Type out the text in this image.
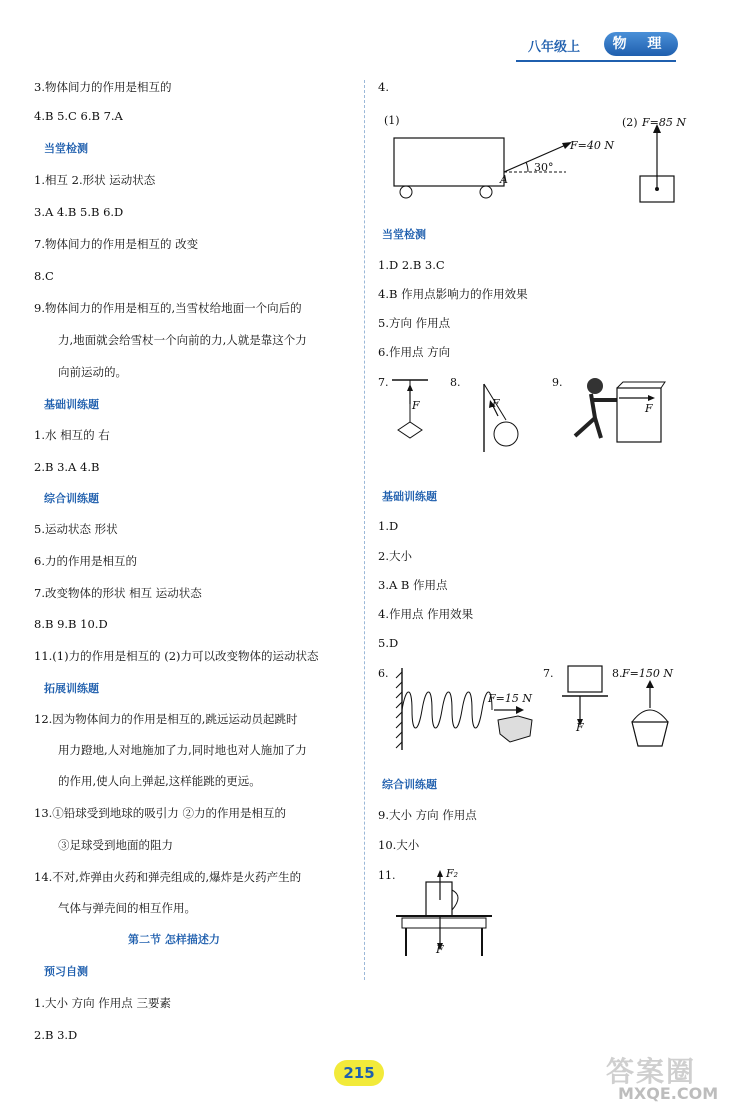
八年级上	物 理
3.物体间力的作用是相互的
4.B 5.C 6.B 7.A
当堂检测
1.相互 2.形状 运动状态
3.A 4.B 5.B 6.D
7.物体间力的作用是相互的 改变
8.C
9.物体间力的作用是相互的,当雪杖给地面一个向后的
力,地面就会给雪杖一个向前的力,人就是靠这个力
向前运动的。
基础训练题
1.水 相互的 右
2.B 3.A 4.B
综合训练题
5.运动状态 形状
6.力的作用是相互的
7.改变物体的形状 相互 运动状态
8.B 9.B 10.D
11.(1)力的作用是相互的 (2)力可以改变物体的运动状态
拓展训练题
12.因为物体间力的作用是相互的,跳远运动员起跳时
用力蹬地,人对地施加了力,同时地也对人施加了力
的作用,使人向上弹起,这样能跳的更远。
13.①铅球受到地球的吸引力 ②力的作用是相互的
③足球受到地面的阻力
14.不对,炸弹由火药和弹壳组成的,爆炸是火药产生的
气体与弹壳间的相互作用。
第二节 怎样描述力
预习自测
1.大小 方向 作用点 三要素
2.B 3.D
4.
(1)
F=40 N
30°
A
(2) F=85 N
当堂检测
1.D 2.B 3.C
4.B 作用点影响力的作用效果
5.方向 作用点
6.作用点 方向
7.
F
8.
F
9.
F
基础训练题
1.D
2.大小
3.A B 作用点
4.作用点 作用效果
5.D
6.
F=15 N
7.
F
8. F=150 N
综合训练题
9.大小 方向 作用点
10.大小
11.	F₂
F
215	答案圈
MXQE.COM
